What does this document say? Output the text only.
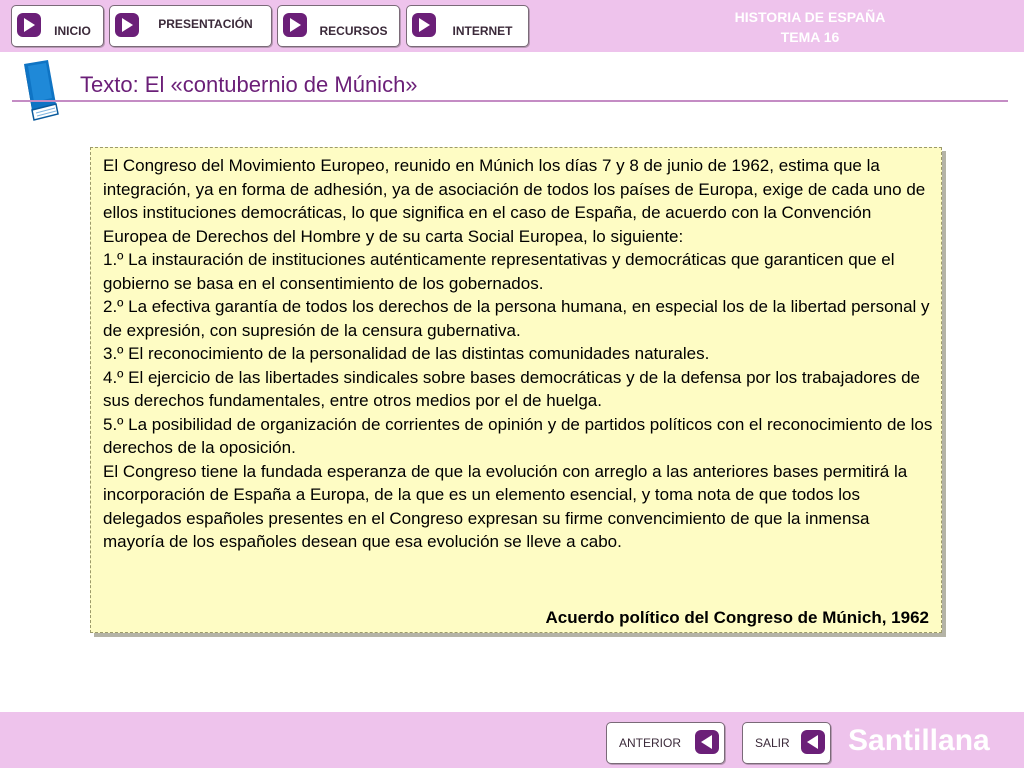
INICIO	PRESENTACIÓN	RECURSOS	INTERNET
HISTORIA DE ESPAÑA
TEMA 16
Texto: El «contubernio de Múnich»

El Congreso del Movimiento Europeo, reunido en Múnich los días 7 y 8 de junio de 1962, estima que la integración, ya en forma de adhesión, ya de asociación de todos los países de Europa, exige de cada uno de ellos instituciones democráticas, lo que significa en el caso de España, de acuerdo con la Convención Europea de Derechos del Hombre y de su carta Social Europea, lo siguiente:

1.º La instauración de instituciones auténticamente representativas y democráticas que garanticen que el gobierno se basa en el consentimiento de los gobernados.

2.º La efectiva garantía de todos los derechos de la persona humana, en especial los de la libertad personal y de expresión, con supresión de la censura gubernativa.

3.º El reconocimiento de la personalidad de las distintas comunidades naturales.

4.º El ejercicio de las libertades sindicales sobre bases democráticas y de la defensa por los trabajadores de sus derechos fundamentales, entre otros medios por el de huelga.

5.º La posibilidad de organización de corrientes de opinión y de partidos políticos con el reconocimiento de los derechos de la oposición.

El Congreso tiene la fundada esperanza de que la evolución con arreglo a las anteriores bases permitirá la incorporación de España a Europa, de la que es un elemento esencial, y toma nota de que todos los delegados españoles presentes en el Congreso expresan su firme convencimiento de que la inmensa mayoría de los españoles desean que esa evolución se lleve a cabo.

Acuerdo político del Congreso de Múnich, 1962
ANTERIOR	SALIR Santillana
